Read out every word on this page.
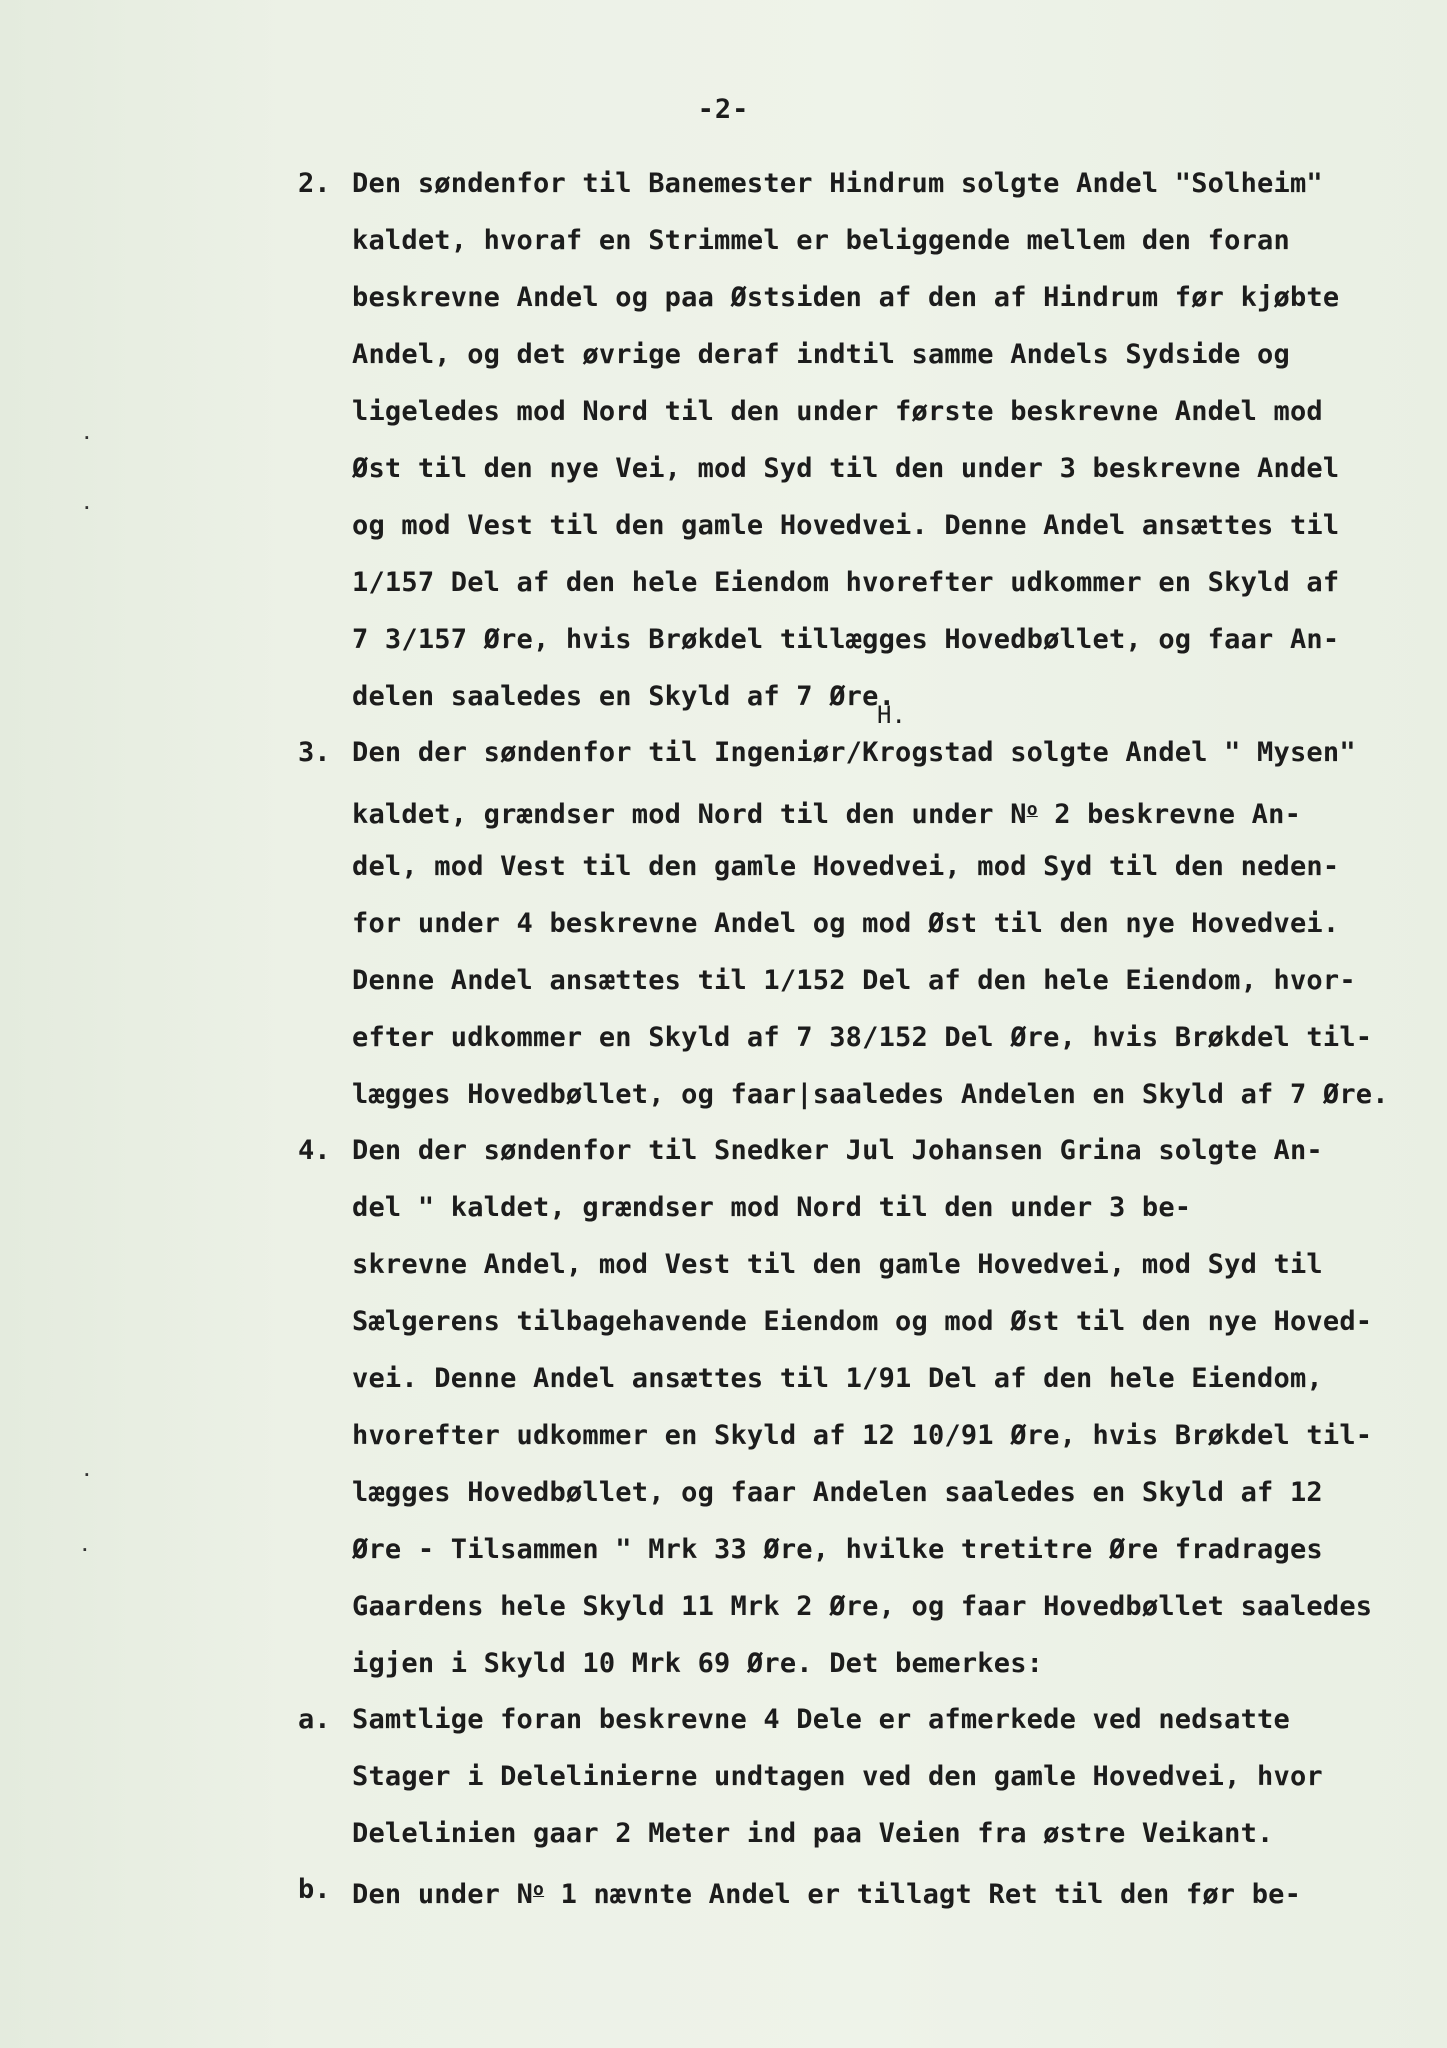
-2-
2.
3.
4.
a.
b.
Den søndenfor til Banemester Hindrum solgte Andel "Solheim"
kaldet, hvoraf en Strimmel er beliggende mellem den foran
beskrevne Andel og paa Østsiden af den af Hindrum før kjøbte
Andel, og det øvrige deraf indtil samme Andels Sydside og
ligeledes mod Nord til den under første beskrevne Andel mod
Øst til den nye Vei, mod Syd til den under 3 beskrevne Andel
og mod Vest til den gamle Hovedvei. Denne Andel ansættes til
1/157 Del af den hele Eiendom hvorefter udkommer en Skyld af
7 3/157 Øre, hvis Brøkdel tillægges Hovedbøllet, og faar An-
delen saaledes en Skyld af 7 Øre.
H.
Den der søndenfor til Ingeniør/Krogstad solgte Andel " Mysen"
kaldet, grændser mod Nord til den under $N^o$ 2 beskrevne An-
del, mod Vest til den gamle Hovedvei, mod Syd til den neden-
for under 4 beskrevne Andel og mod Øst til den nye Hovedvei.
Denne Andel ansættes til 1/152 Del af den hele Eiendom, hvor-
efter udkommer en Skyld af 7 38/152 Del Øre, hvis Brøkdel til-
lægges Hovedbøllet, og faar|saaledes Andelen en Skyld af 7 Øre.
Den der søndenfor til Snedker Jul Johansen Grina solgte An-
del " kaldet, grændser mod Nord til den under 3 be-
skrevne Andel, mod Vest til den gamle Hovedvei, mod Syd til
Sælgerens tilbagehavende Eiendom og mod Øst til den nye Hoved-
vei. Denne Andel ansættes til 1/91 Del af den hele Eiendom,
hvorefter udkommer en Skyld af 12 10/91 Øre, hvis Brøkdel til-
lægges Hovedbøllet, og faar Andelen saaledes en Skyld af 12
Øre - Tilsammen " Mrk 33 Øre, hvilke tretitre Øre fradrages
Gaardens hele Skyld 11 Mrk 2 Øre, og faar Hovedbøllet saaledes
igjen i Skyld 10 Mrk 69 Øre. Det bemerkes:
Samtlige foran beskrevne 4 Dele er afmerkede ved nedsatte
Stager i Delelinierne undtagen ved den gamle Hovedvei, hvor
Delelinien gaar 2 Meter ind paa Veien fra østre Veikant.
Den under $N^o$ 1 nævnte Andel er tillagt Ret til den før be-
·
·
·
·
